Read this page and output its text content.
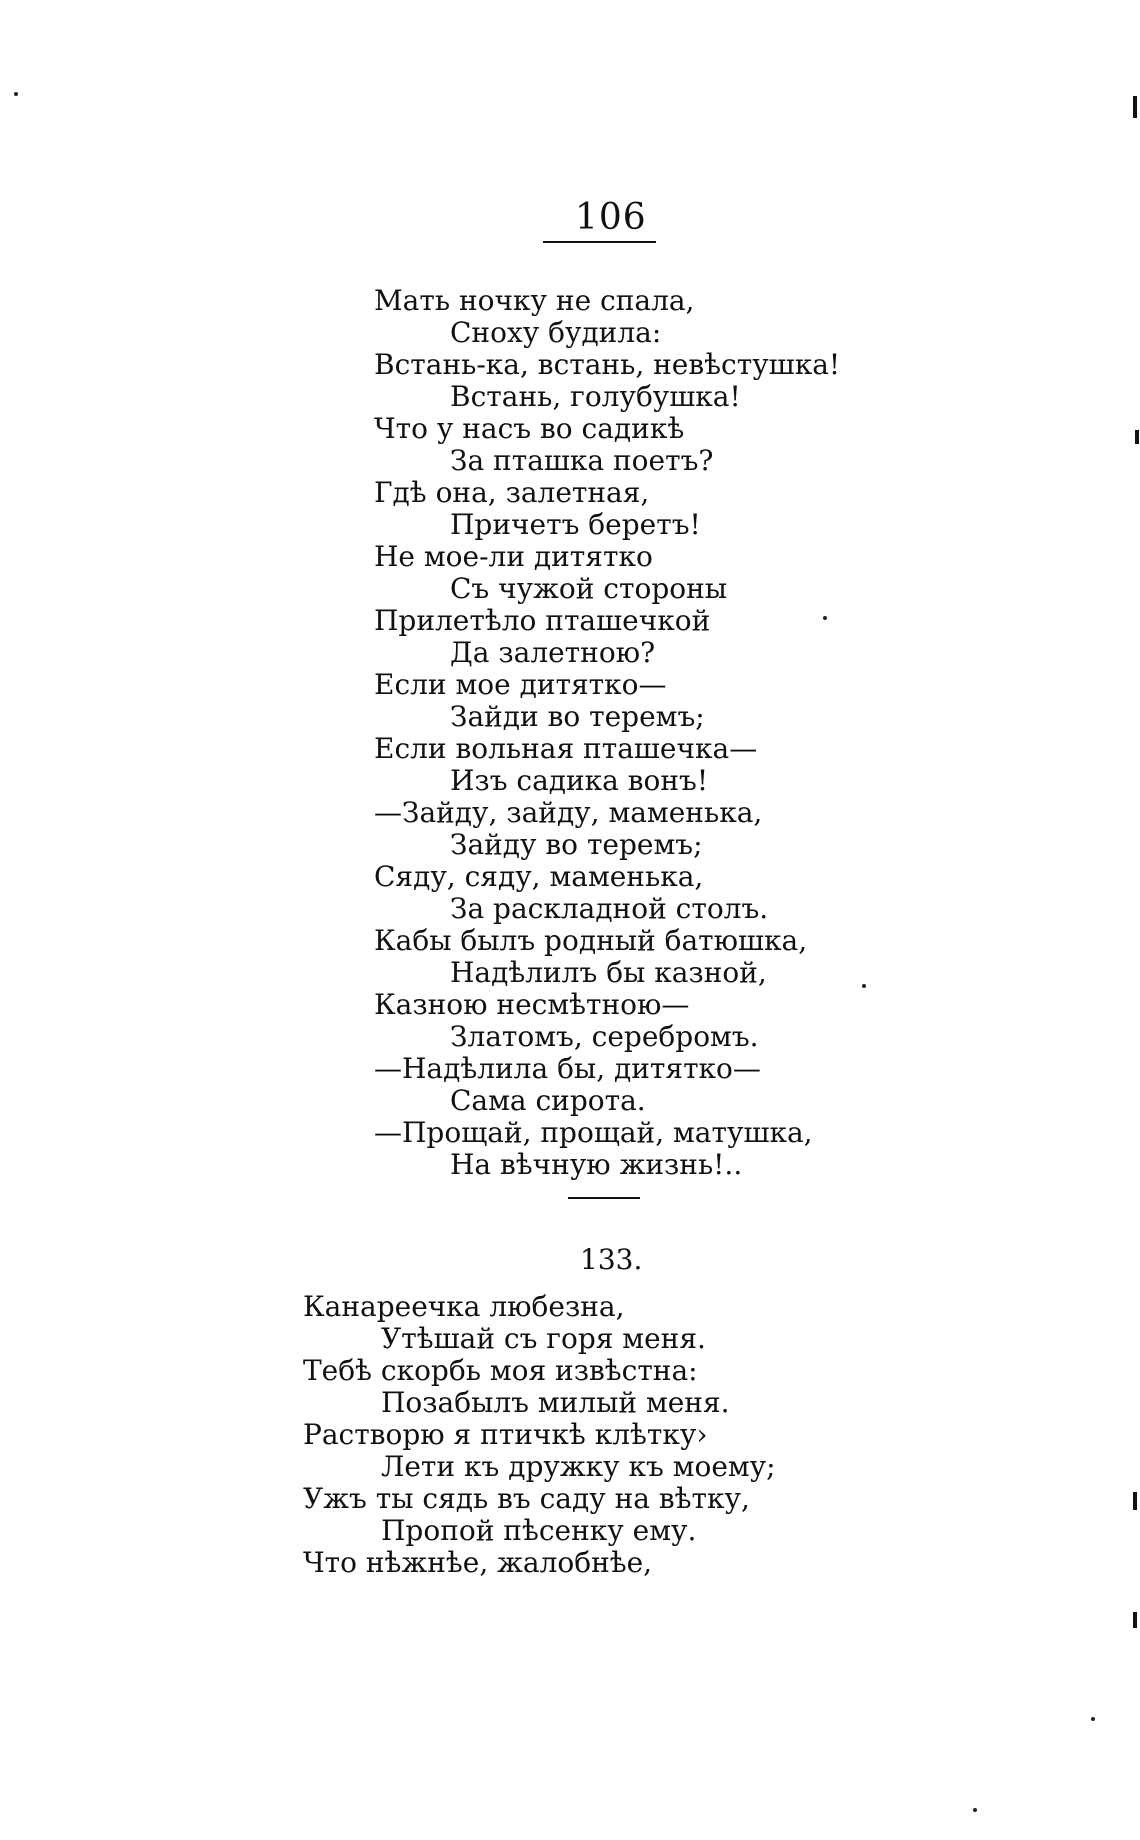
106
Мать ночку не спала,
Сноху будила:
Встань-ка, встань, невѣстушка!
Встань, голубушка!
Что у насъ во садикѣ
За пташка поетъ?
Гдѣ она, залетная,
Причетъ беретъ!
Не мое-ли дитятко
Съ чужой стороны
Прилетѣло пташечкой
Да залетною?
Если мое дитятко—
Зайди во теремъ;
Если вольная пташечка—
Изъ садика вонъ!
—Зайду, зайду, маменька,
Зайду во теремъ;
Сяду, сяду, маменька,
За раскладной столъ.
Кабы былъ родный батюшка,
Надѣлилъ бы казной,
Казною несмѣтною—
Златомъ, серебромъ.
—Надѣлила бы, дитятко—
Сама сирота.
—Прощай, прощай, матушка,
На вѣчную жизнь!..
133.
Канареечка любезна,
Утѣшай съ горя меня.
Тебѣ скорбь моя извѣстна:
Позабылъ милый меня.
Растворю я птичкѣ клѣтку›
Лети къ дружку къ моему;
Ужъ ты сядь въ саду на вѣтку,
Пропой пѣсенку ему.
Что нѣжнѣе, жалобнѣе,
